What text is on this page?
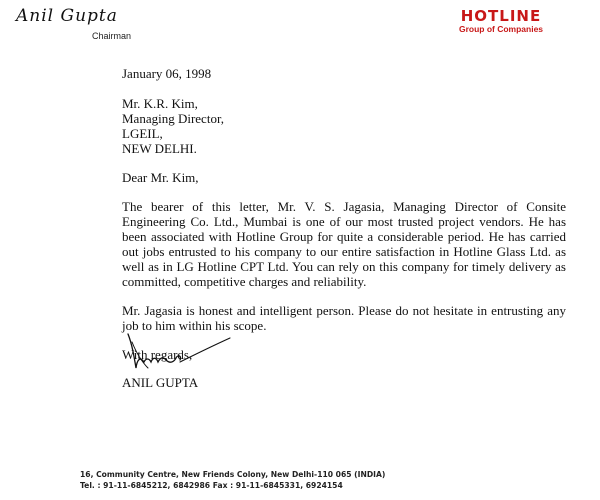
Anil Gupta
Chairman
HOTLINE
Group of Companies
January 06, 1998
Mr. K.R. Kim,
Managing Director,
LGEIL,
NEW DELHI.
Dear Mr. Kim,

The bearer of this letter, Mr. V. S. Jagasia, Managing Director of Consite Engineering Co. Ltd., Mumbai is one of our most trusted project vendors. He has been associated with Hotline Group for quite a considerable period. He has carried out jobs entrusted to his company to our entire satisfaction in Hotline Glass Ltd. as well as in LG Hotline CPT Ltd. You can rely on this company for timely delivery as committed, competitive charges and reliability.

Mr. Jagasia is honest and intelligent person. Please do not hesitate in entrusting any job to him within his scope.

With regards,
ANIL GUPTA
16, Community Centre, New Friends Colony, New Delhi-110 065 (INDIA)
Tel. : 91-11-6845212, 6842986 Fax : 91-11-6845331, 6924154
